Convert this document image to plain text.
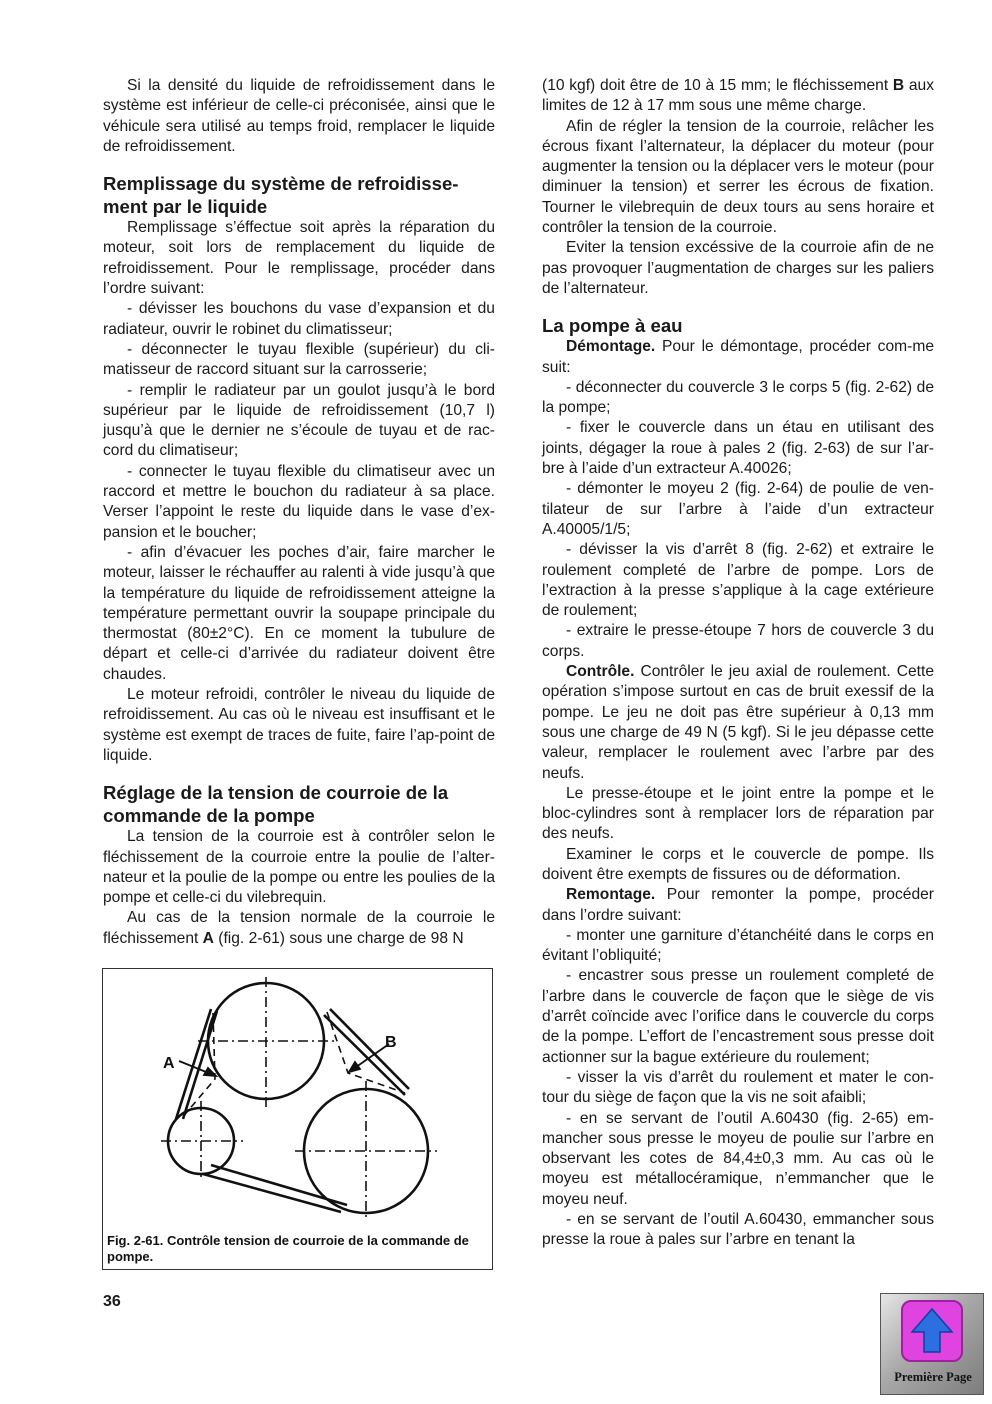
Si la densité du liquide de refroidissement dans le système est inférieur de celle-ci préconisée, ainsi que le véhicule sera utilisé au temps froid, remplacer le liquide de refroidissement.

Remplissage du système de refroidisse-ment par le liquide

Remplissage s’éffectue soit après la réparation du moteur, soit lors de remplacement du liquide de refroidissement. Pour le remplissage, procéder dans l’ordre suivant:

- dévisser les bouchons du vase d’expansion et du radiateur, ouvrir le robinet du climatisseur;

- déconnecter le tuyau flexible (supérieur) du cli-matisseur de raccord situant sur la carrosserie;

- remplir le radiateur par un goulot jusqu’à le bord supérieur par le liquide de refroidissement (10,7 l) jusqu’à que le dernier ne s’écoule de tuyau et de rac-cord du climatiseur;

- connecter le tuyau flexible du climatiseur avec un raccord et mettre le bouchon du radiateur à sa place. Verser l’appoint le reste du liquide dans le vase d’ex-pansion et le boucher;

- afin d’évacuer les poches d’air, faire marcher le moteur, laisser le réchauffer au ralenti à vide jusqu’à que la température du liquide de refroidissement atteigne la température permettant ouvrir la soupape principale du thermostat (80±2°C). En ce moment la tubulure de départ et celle-ci d’arrivée du radiateur doivent être chaudes.

Le moteur refroidi, contrôler le niveau du liquide de refroidissement. Au cas où le niveau est insuffisant et le système est exempt de traces de fuite, faire l’ap-point de liquide.

Réglage de la tension de courroie de la commande de la pompe

La tension de la courroie est à contrôler selon le fléchissement de la courroie entre la poulie de l’alter-nateur et la poulie de la pompe ou entre les poulies de la pompe et celle-ci du vilebrequin.

Au cas de la tension normale de la courroie le fléchissement A (fig. 2-61) sous une charge de 98 N

A
B
Fig. 2-61. Contrôle tension de courroie de la commande de pompe.

(10 kgf) doit être de 10 à 15 mm; le fléchissement B aux limites de 12 à 17 mm sous une même charge.

Afin de régler la tension de la courroie, relâcher les écrous fixant l’alternateur, la déplacer du moteur (pour augmenter la tension ou la déplacer vers le moteur (pour diminuer la tension) et serrer les écrous de fixation. Tourner le vilebrequin de deux tours au sens horaire et contrôler la tension de la courroie.

Eviter la tension excéssive de la courroie afin de ne pas provoquer l’augmentation de charges sur les paliers de l’alternateur.

La pompe à eau

Démontage. Pour le démontage, procéder com-me suit:

- déconnecter du couvercle 3 le corps 5 (fig. 2-62) de la pompe;

- fixer le couvercle dans un étau en utilisant des joints, dégager la roue à pales 2 (fig. 2-63) de sur l’ar-bre à l’aide d’un extracteur A.40026;

- démonter le moyeu 2 (fig. 2-64) de poulie de ven-tilateur de sur l’arbre à l’aide d’un extracteur A.40005/1/5;

- dévisser la vis d’arrêt 8 (fig. 2-62) et extraire le roulement completé de l’arbre de pompe. Lors de l’extraction à la presse s’applique à la cage extérieure de roulement;

- extraire le presse-étoupe 7 hors de couvercle 3 du corps.

Contrôle. Contrôler le jeu axial de roulement. Cette opération s’impose surtout en cas de bruit exessif de la pompe. Le jeu ne doit pas être supérieur à 0,13 mm sous une charge de 49 N (5 kgf). Si le jeu dépasse cette valeur, remplacer le roulement avec l’arbre par des neufs.

Le presse-étoupe et le joint entre la pompe et le bloc-cylindres sont à remplacer lors de réparation par des neufs.

Examiner le corps et le couvercle de pompe. Ils doivent être exempts de fissures ou de déformation.

Remontage. Pour remonter la pompe, procéder dans l’ordre suivant:

- monter une garniture d’étanchéité dans le corps en évitant l’obliquité;

- encastrer sous presse un roulement completé de l’arbre dans le couvercle de façon que le siège de vis d’arrêt coïncide avec l’orifice dans le couvercle du corps de la pompe. L’effort de l’encastrement sous presse doit actionner sur la bague extérieure du roulement;

- visser la vis d’arrêt du roulement et mater le con-tour du siège de façon que la vis ne soit afaibli;

- en se servant de l’outil A.60430 (fig. 2-65) em-mancher sous presse le moyeu de poulie sur l’arbre en observant les cotes de 84,4±0,3 mm. Au cas où le moyeu est métallocéramique, n’emmancher que le moyeu neuf.

- en se servant de l’outil A.60430, emmancher sous presse la roue à pales sur l’arbre en tenant la

36
Première Page
